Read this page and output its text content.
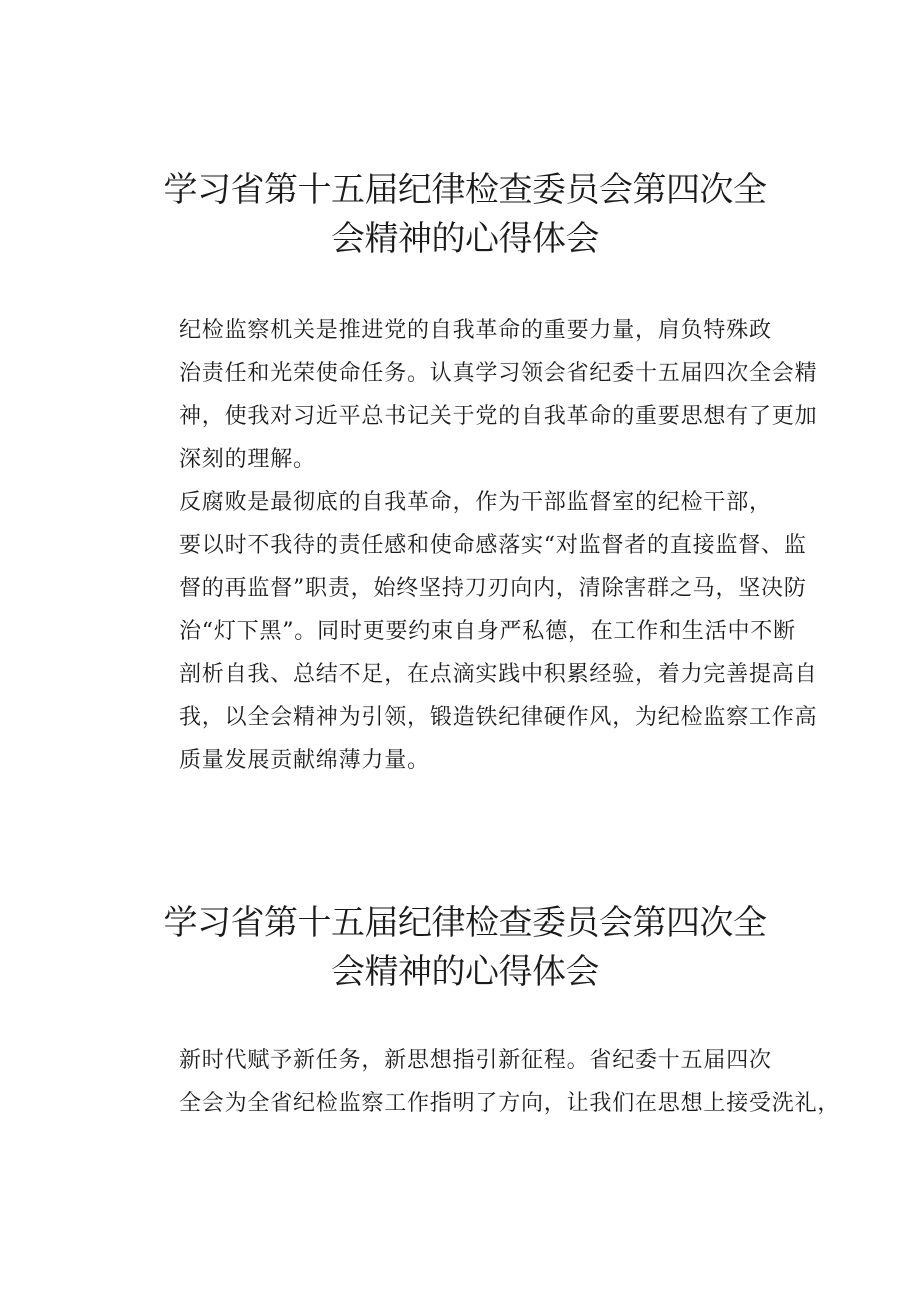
学习省第十五届纪律检查委员会第四次全
会精神的心得体会

纪检监察机关是推进党的自我革命的重要力量，肩负特殊政
治责任和光荣使命任务。认真学习领会省纪委十五届四次全会精
神，使我对习近平总书记关于党的自我革命的重要思想有了更加
深刻的理解。

反腐败是最彻底的自我革命，作为干部监督室的纪检干部，
要以时不我待的责任感和使命感落实“对监督者的直接监督、监
督的再监督”职责，始终坚持刀刃向内，清除害群之马，坚决防
治“灯下黑”。同时更要约束自身严私德，在工作和生活中不断
剖析自我、总结不足，在点滴实践中积累经验，着力完善提高自
我，以全会精神为引领，锻造铁纪律硬作风，为纪检监察工作高
质量发展贡献绵薄力量。

学习省第十五届纪律检查委员会第四次全
会精神的心得体会

新时代赋予新任务，新思想指引新征程。省纪委十五届四次
全会为全省纪检监察工作指明了方向，让我们在思想上接受洗礼，
